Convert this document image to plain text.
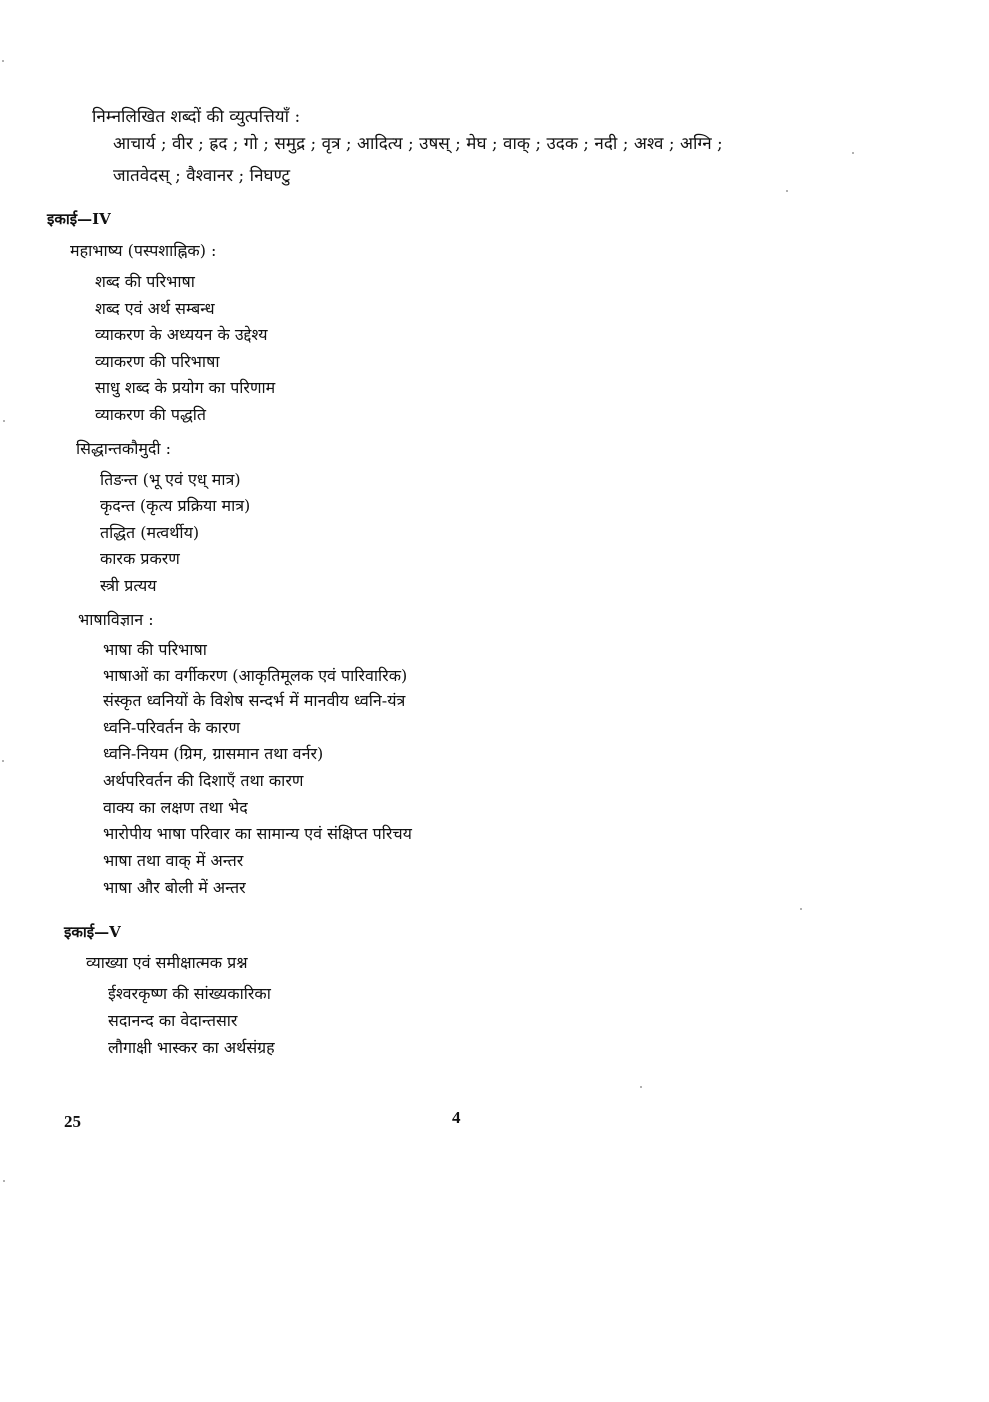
निम्नलिखित शब्दों की व्युत्पत्तियाँ :
आचार्य ; वीर ; ह्रद ; गो ; समुद्र ; वृत्र ; आदित्य ; उषस् ; मेघ ; वाक् ; उदक ; नदी ; अश्व ; अग्नि ;
जातवेदस् ; वैश्वानर ; निघण्टु
इकाई—IV
महाभाष्य (पस्पशाह्निक) :
शब्द की परिभाषा
शब्द एवं अर्थ सम्बन्ध
व्याकरण के अध्ययन के उद्देश्य
व्याकरण की परिभाषा
साधु शब्द के प्रयोग का परिणाम
व्याकरण की पद्धति
सिद्धान्तकौमुदी :
तिङन्त (भू एवं एध् मात्र)
कृदन्त (कृत्य प्रक्रिया मात्र)
तद्धित (मत्वर्थीय)
कारक प्रकरण
स्त्री प्रत्यय
भाषाविज्ञान :
भाषा की परिभाषा
भाषाओं का वर्गीकरण (आकृतिमूलक एवं पारिवारिक)
संस्कृत ध्वनियों के विशेष सन्दर्भ में मानवीय ध्वनि-यंत्र
ध्वनि-परिवर्तन के कारण
ध्वनि-नियम (ग्रिम, ग्रासमान तथा वर्नर)
अर्थपरिवर्तन की दिशाएँ तथा कारण
वाक्य का लक्षण तथा भेद
भारोपीय भाषा परिवार का सामान्य एवं संक्षिप्त परिचय
भाषा तथा वाक् में अन्तर
भाषा और बोली में अन्तर
इकाई—V
व्याख्या एवं समीक्षात्मक प्रश्न
ईश्वरकृष्ण की सांख्यकारिका
सदानन्द का वेदान्तसार
लौगाक्षी भास्कर का अर्थसंग्रह
25	4
